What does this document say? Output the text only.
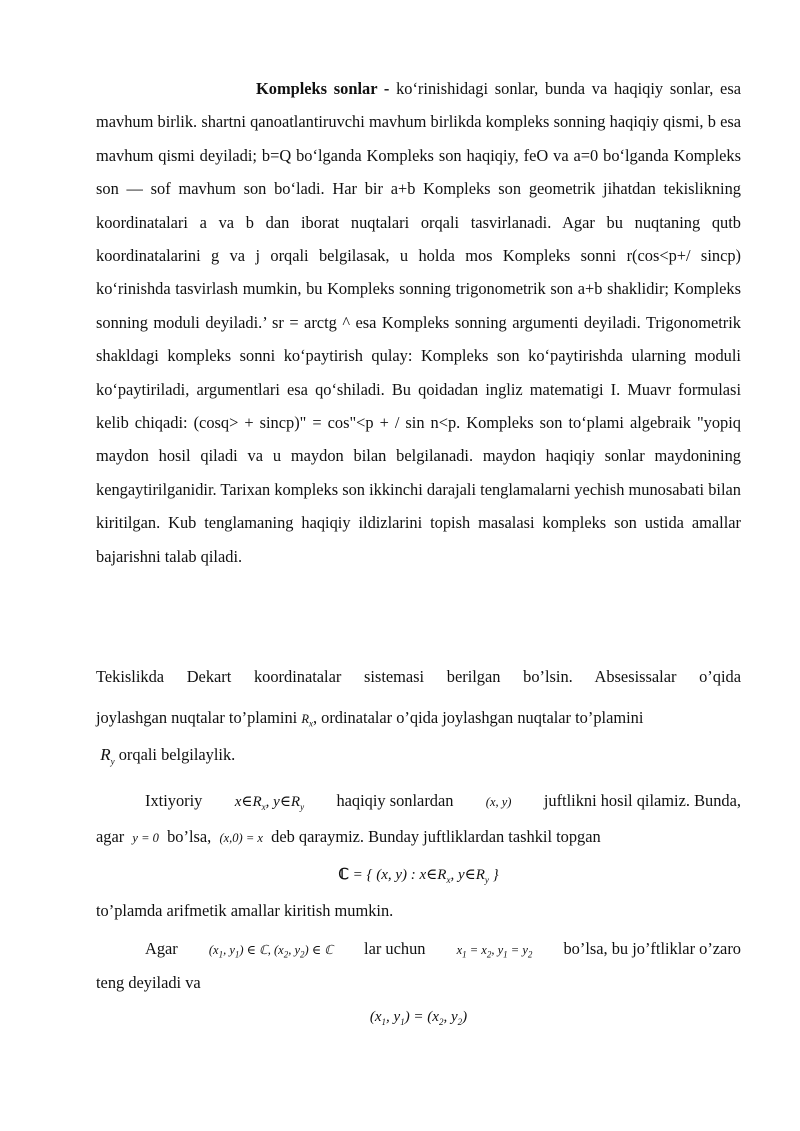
Kompleks sonlar - koʻrinishidagi sonlar, bunda va haqiqiy sonlar, esa mavhum birlik. shartni qanoatlantiruvchi mavhum birlikda kompleks sonning haqiqiy qismi, b esa mavhum qismi deyiladi; b=Q boʻlganda Kompleks son haqiqiy, feO va a=0 boʻlganda Kompleks son — sof mavhum son boʻladi. Har bir a+b Kompleks son geometrik jihatdan tekislikning koordinatalari a va b dan iborat nuqtalari orqali tasvirlanadi. Agar bu nuqtaning qutb koordinatalarini g va j orqali belgilasak, u holda mos Kompleks sonni r(cos<p+/ sincp) koʻrinishda tasvirlash mumkin, bu Kompleks sonning trigonometrik son a+b shaklidir; Kompleks sonning moduli deyiladi.’ sr = arctg ^ esa Kompleks sonning argumenti deyiladi. Trigonometrik shakldagi kompleks sonni koʻpaytirish qulay: Kompleks son koʻpaytirishda ularning moduli koʻpaytiriladi, argumentlari esa qoʻshiladi. Bu qoidadan ingliz matematigi I. Muavr formulasi kelib chiqadi: (cosq> + sincp)" = cos"<p + / sin n<p. Kompleks son toʻplami algebraik "yopiq maydon hosil qiladi va u maydon bilan belgilanadi. maydon haqiqiy sonlar maydonining kengaytirilganidir. Tarixan kompleks son ikkinchi darajali tenglamalarni yechish munosabati bilan kiritilgan. Kub tenglamaning haqiqiy ildizlarini topish masalasi kompleks son ustida amallar bajarishni talab qiladi.

Tekislikda Dekart koordinatalar sistemasi berilgan bo’lsin. Absesissalar o’qida
joylashgan nuqtalar to’plamini $R_x$, ordinatalar o’qida joylashgan nuqtalar to’plamini
$R_y$ orqali belgilaylik.
Ixtiyoriy $x\in R_x$, $y\in R_y$ haqiqiy sonlardan	(x, y) juftlikni hosil qilamiz. Bunda,
agar y = 0 bo’lsa, (x,0) = x deb qaraymiz. Bunday juftliklardan tashkil topgan
ℂ = { (x, y) : $x\in R_x$, $y\in R_y$ }
to’plamda arifmetik amallar kiritish mumkin.
Agar ($x_1$, $y_1$) ∈ ℂ, ($x_2$, $y_2$) ∈ ℂ lar uchun $x_1 = x_2$, $y_1 = y_2$ bo’lsa, bu jo’ftliklar o’zaro
teng deyiladi va
($x_1$, $y_1) = (x_2$, $y_2$)
